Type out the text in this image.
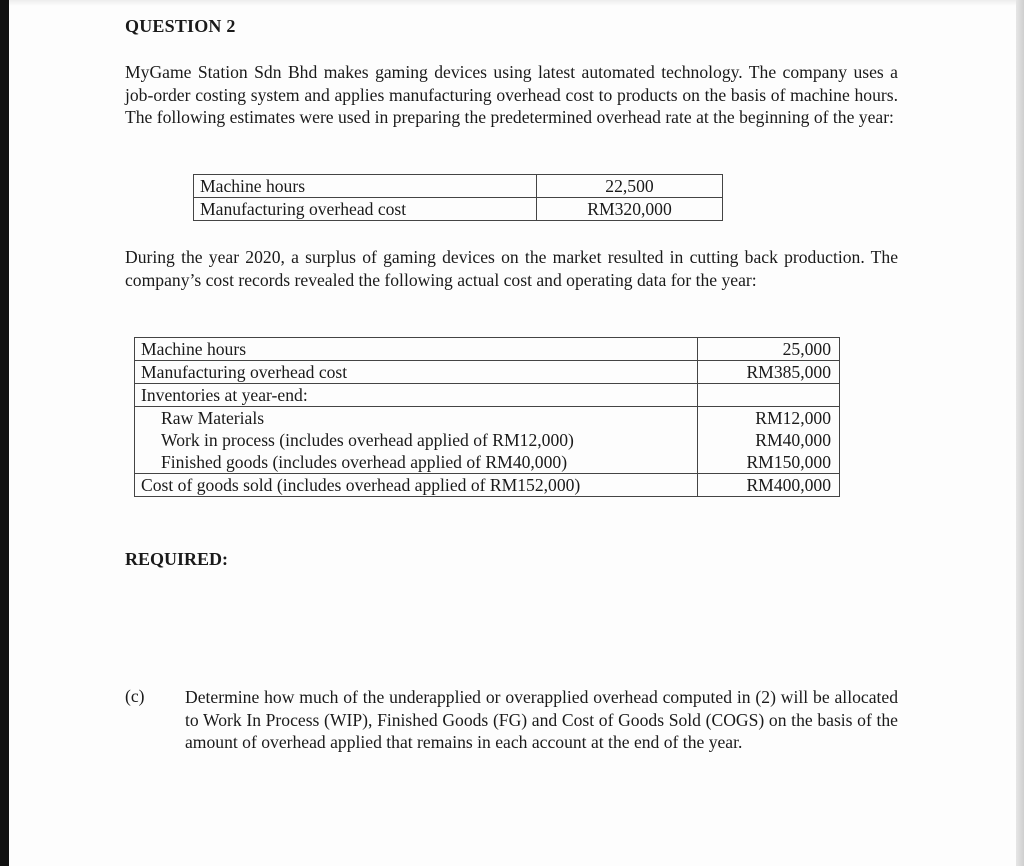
QUESTION 2

MyGame Station Sdn Bhd makes gaming devices using latest automated technology. The company uses a job-order costing system and applies manufacturing overhead cost to products on the basis of machine hours. The following estimates were used in preparing the predetermined overhead rate at the beginning of the year:

Machine hours	22,500
Manufacturing overhead cost	RM320,000

During the year 2020, a surplus of gaming devices on the market resulted in cutting back production. The company’s cost records revealed the following actual cost and operating data for the year:

Machine hours	25,000
Manufacturing overhead cost	RM385,000
Inventories at year-end:	
Raw Materials	RM12,000
Work in process (includes overhead applied of RM12,000)	RM40,000
Finished goods (includes overhead applied of RM40,000)	RM150,000
Cost of goods sold (includes overhead applied of RM152,000)	RM400,000
REQUIRED:
(c) Determine how much of the underapplied or overapplied overhead computed in (2) will be allocated to Work In Process (WIP), Finished Goods (FG) and Cost of Goods Sold (COGS) on the basis of the amount of overhead applied that remains in each account at the end of the year.
